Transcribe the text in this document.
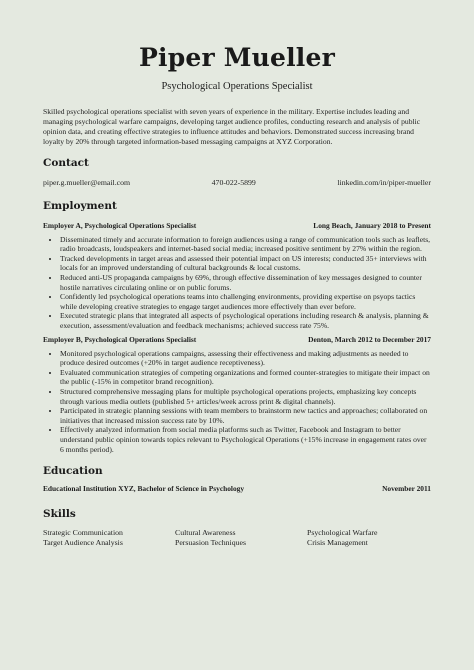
Piper Mueller
Psychological Operations Specialist
Skilled psychological operations specialist with seven years of experience in the military. Expertise includes leading and managing psychological warfare campaigns, developing target audience profiles, conducting research and analysis of public opinion data, and creating effective strategies to influence attitudes and behaviors. Demonstrated success increasing brand loyalty by 20% through targeted information-based messaging campaigns at XYZ Corporation.
Contact
piper.g.mueller@email.com	470-022-5899	linkedin.com/in/piper-mueller
Employment
Employer A, Psychological Operations Specialist	Long Beach, January 2018 to Present
• Disseminated timely and accurate information to foreign audiences using a range of communication tools such as leaflets, radio broadcasts, loudspeakers and internet-based social media; increased positive sentiment by 27% within the region.
• Tracked developments in target areas and assessed their potential impact on US interests; conducted 35+ interviews with locals for an improved understanding of cultural backgrounds & local customs.
• Reduced anti-US propaganda campaigns by 69%, through effective dissemination of key messages designed to counter hostile narratives circulating online or on public forums.
• Confidently led psychological operations teams into challenging environments, providing expertise on psyops tactics while developing creative strategies to engage target audiences more effectively than ever before.
• Executed strategic plans that integrated all aspects of psychological operations including research & analysis, planning & execution, assessment/evaluation and feedback mechanisms; achieved success rate 75%.
Employer B, Psychological Operations Specialist	Denton, March 2012 to December 2017
• Monitored psychological operations campaigns, assessing their effectiveness and making adjustments as needed to produce desired outcomes (+20% in target audience receptiveness).
• Evaluated communication strategies of competing organizations and formed counter-strategies to mitigate their impact on the public (-15% in competitor brand recognition).
• Structured comprehensive messaging plans for multiple psychological operations projects, emphasizing key concepts through various media outlets (published 5+ articles/week across print & digital channels).
• Participated in strategic planning sessions with team members to brainstorm new tactics and approaches; collaborated on initiatives that increased mission success rate by 10%.
• Effectively analyzed information from social media platforms such as Twitter, Facebook and Instagram to better understand public opinion towards topics relevant to Psychological Operations (+15% increase in engagement rates over 6 months period).
Education
Educational Institution XYZ, Bachelor of Science in Psychology	November 2011
Skills
Strategic Communication	Cultural Awareness	Psychological Warfare
Target Audience Analysis	Persuasion Techniques	Crisis Management
